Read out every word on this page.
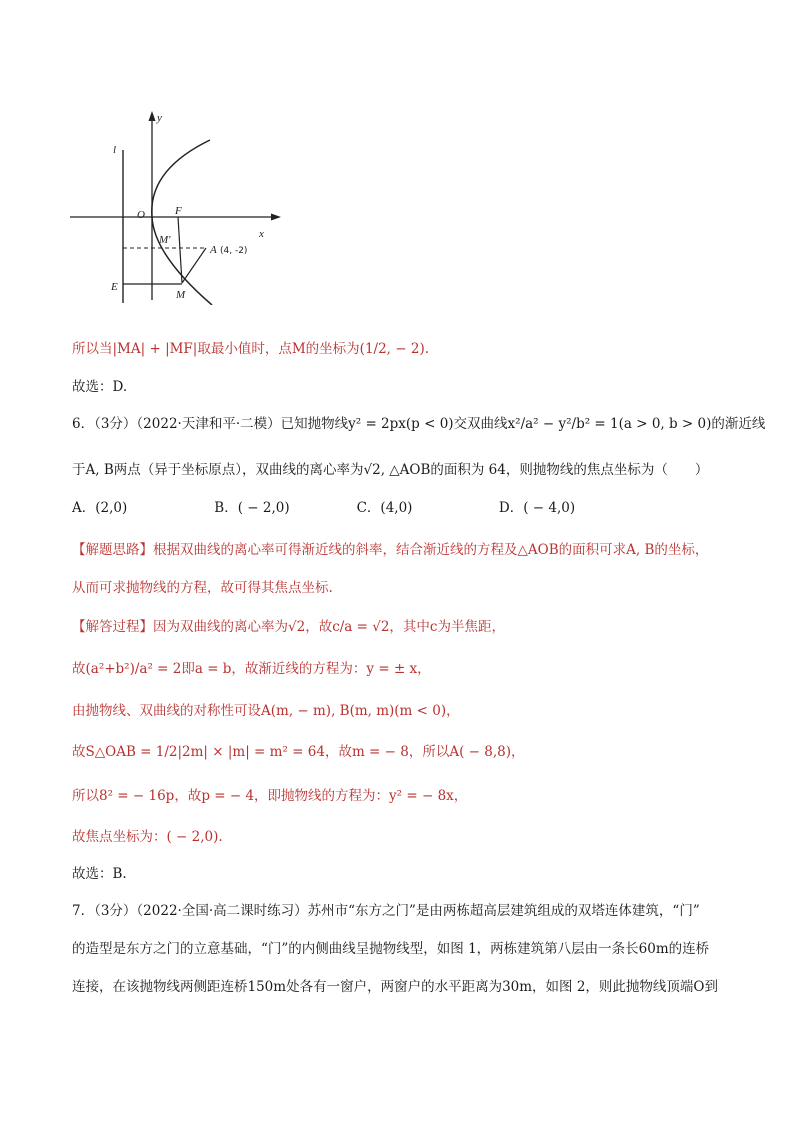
y
l
O	F
x
M'
A (4, -2)
E
M
所以当|MA| + |MF|取最小值时，点M的坐标为(1/2, − 2).
故选：D.
6．（3分）（2022·天津和平·二模）已知抛物线y² = 2px(p < 0)交双曲线x²/a² − y²/b² = 1(a > 0, b > 0)的渐近线
于A, B两点（异于坐标原点），双曲线的离心率为√2, △AOB的面积为 64，则抛物线的焦点坐标为（　　）
A．(2,0)	B．( − 2,0)	C．(4,0)	D．( − 4,0)
【解题思路】根据双曲线的离心率可得渐近线的斜率，结合渐近线的方程及△AOB的面积可求A, B的坐标，
从而可求抛物线的方程，故可得其焦点坐标.
【解答过程】因为双曲线的离心率为√2，故c/a = √2，其中c为半焦距，
故(a²+b²)/a² = 2即a = b，故渐近线的方程为：y = ± x，
由抛物线、双曲线的对称性可设A(m, − m), B(m, m)(m < 0)，
故S△OAB = 1/2|2m| × |m| = m² = 64，故m = − 8，所以A( − 8,8)，
所以8² = − 16p，故p = − 4，即抛物线的方程为：y² = − 8x，
故焦点坐标为：( − 2,0).
故选：B.
7．（3分）（2022·全国·高二课时练习）苏州市“东方之门”是由两栋超高层建筑组成的双塔连体建筑，“门”
的造型是东方之门的立意基础，“门”的内侧曲线呈抛物线型，如图 1，两栋建筑第八层由一条长60m的连桥
连接，在该抛物线两侧距连桥150m处各有一窗户，两窗户的水平距离为30m，如图 2，则此抛物线顶端O到
